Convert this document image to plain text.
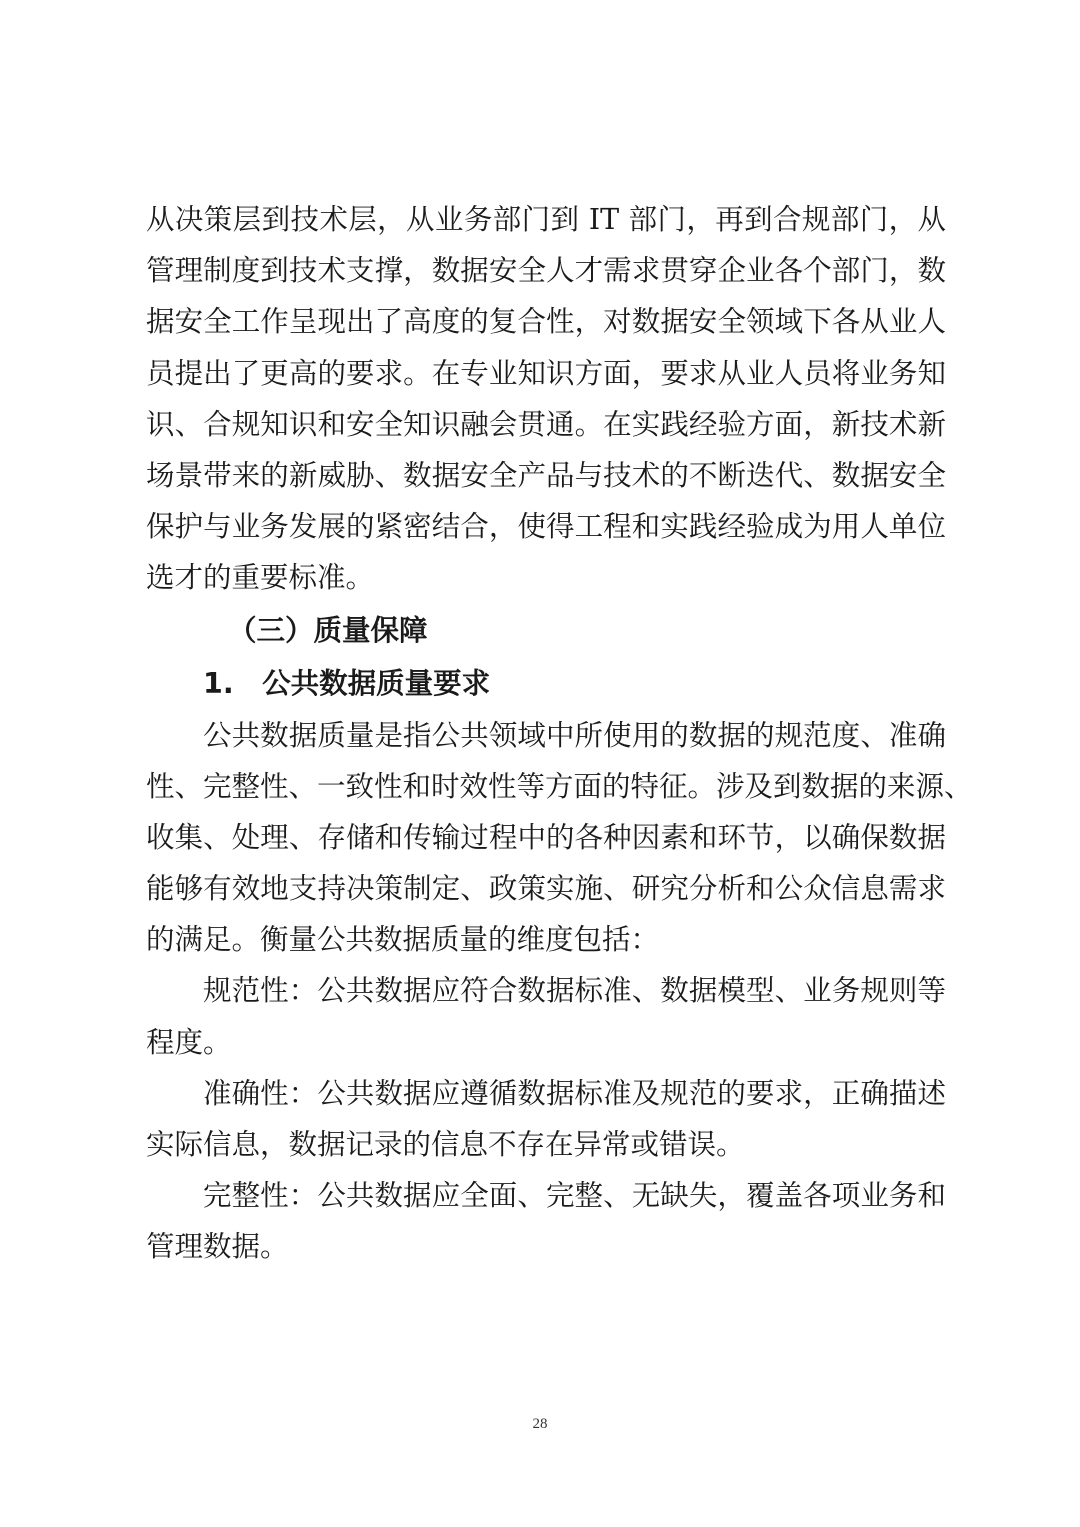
从决策层到技术层，从业务部门到 IT 部门，再到合规部门，从
管理制度到技术支撑，数据安全人才需求贯穿企业各个部门，数
据安全工作呈现出了高度的复合性，对数据安全领域下各从业人
员提出了更高的要求。在专业知识方面，要求从业人员将业务知
识、合规知识和安全知识融会贯通。在实践经验方面，新技术新
场景带来的新威胁、数据安全产品与技术的不断迭代、数据安全
保护与业务发展的紧密结合，使得工程和实践经验成为用人单位
选才的重要标准。
（三）质量保障
1.　公共数据质量要求
公共数据质量是指公共领域中所使用的数据的规范度、准确
性、完整性、一致性和时效性等方面的特征。涉及到数据的来源、
收集、处理、存储和传输过程中的各种因素和环节，以确保数据
能够有效地支持决策制定、政策实施、研究分析和公众信息需求
的满足。衡量公共数据质量的维度包括：
规范性：公共数据应符合数据标准、数据模型、业务规则等
程度。
准确性：公共数据应遵循数据标准及规范的要求，正确描述
实际信息，数据记录的信息不存在异常或错误。
完整性：公共数据应全面、完整、无缺失，覆盖各项业务和
管理数据。
28
